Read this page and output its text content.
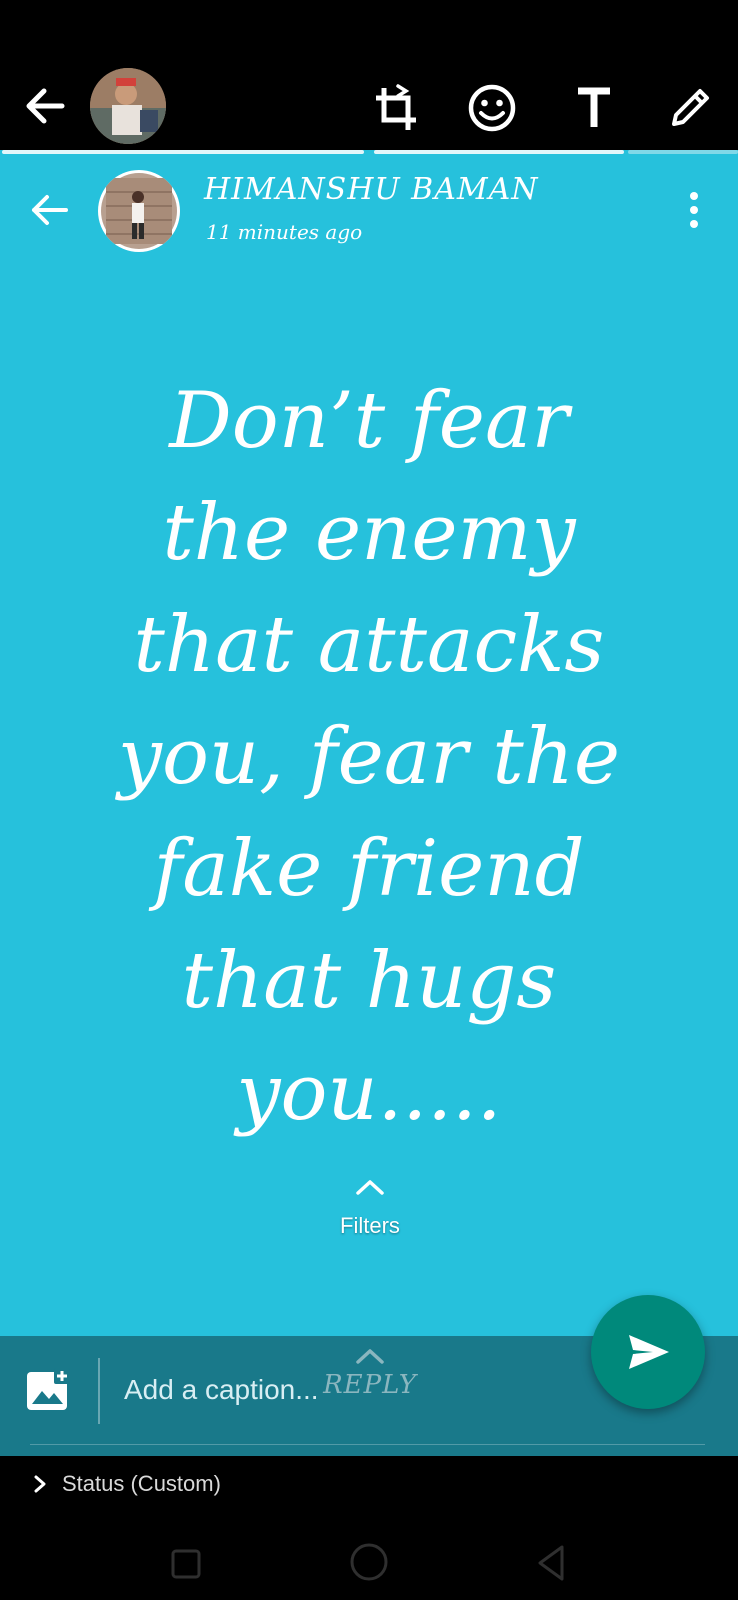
HIMANSHU BAMAN
11 minutes ago
Don’t fear
the enemy
that attacks
you, fear the
fake friend
that hugs
you.....
Filters
Add a caption... REPLY
Status (Custom)
